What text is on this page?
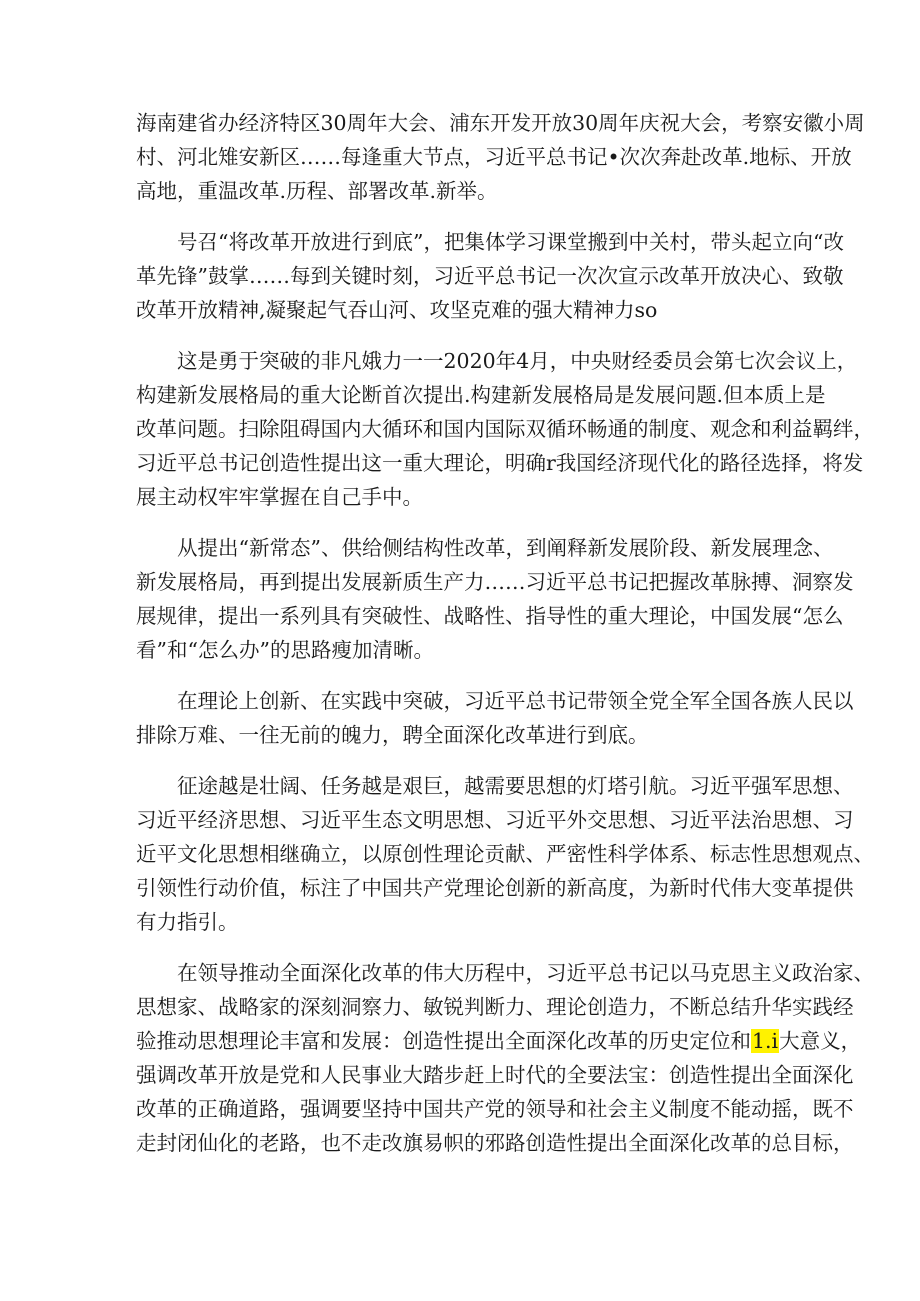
海南建省办经济特区30周年大会、浦东开发开放30周年庆祝大会，考察安徽小周
村、河北雉安新区……每逢重大节点，习近平总书记•次次奔赴改革.地标、开放
高地，重温改革.历程、部署改革.新举。

号召“将改革开放进行到底”，把集体学习课堂搬到中关村，带头起立向“改
革先锋”鼓掌……每到关键时刻，习近平总书记一次次宣示改革开放决心、致敬
改革开放精神,凝聚起气吞山河、攻坚克难的强大精神力so

这是勇于突破的非凡娥力一一2020年4月，中央财经委员会第七次会议上，
构建新发展格局的重大论断首次提出.构建新发展格局是发展问题.但本质上是
改革问题。扫除阻碍国内大循环和国内国际双循环畅通的制度、观念和利益羁绊，
习近平总书记创造性提出这一重大理论，明确r我国经济现代化的路径选择，将发
展主动权牢牢掌握在自己手中。

从提出“新常态”、供给侧结构性改革，到阐释新发展阶段、新发展理念、
新发展格局，再到提出发展新质生产力……习近平总书记把握改革脉搏、洞察发
展规律，提出一系列具有突破性、战略性、指导性的重大理论，中国发展“怎么
看”和“怎么办”的思路瘦加清晰。

在理论上创新、在实践中突破，习近平总书记带领全党全军全国各族人民以
排除万难、一往无前的魄力，聘全面深化改革进行到底。

征途越是壮阔、任务越是艰巨，越需要思想的灯塔引航。习近平强军思想、
习近平经济思想、习近平生态文明思想、习近平外交思想、习近平法治思想、习
近平文化思想相继确立，以原创性理论贡献、严密性科学体系、标志性思想观点、
引领性行动价值，标注了中国共产党理论创新的新高度，为新时代伟大变革提供
有力指引。

在领导推动全面深化改革的伟大历程中，习近平总书记以马克思主义政治家、
思想家、战略家的深刻洞察力、敏锐判断力、理论创造力，不断总结升华实践经
验推动思想理论丰富和发展：创造性提出全面深化改革的历史定位和1.i大意义，
强调改革开放是党和人民事业大踏步赶上时代的全要法宝：创造性提出全面深化
改革的正确道路，强调要坚持中国共产党的领导和社会主义制度不能动摇，既不
走封闭仙化的老路，也不走改旗易帜的邪路创造性提出全面深化改革的总目标，
